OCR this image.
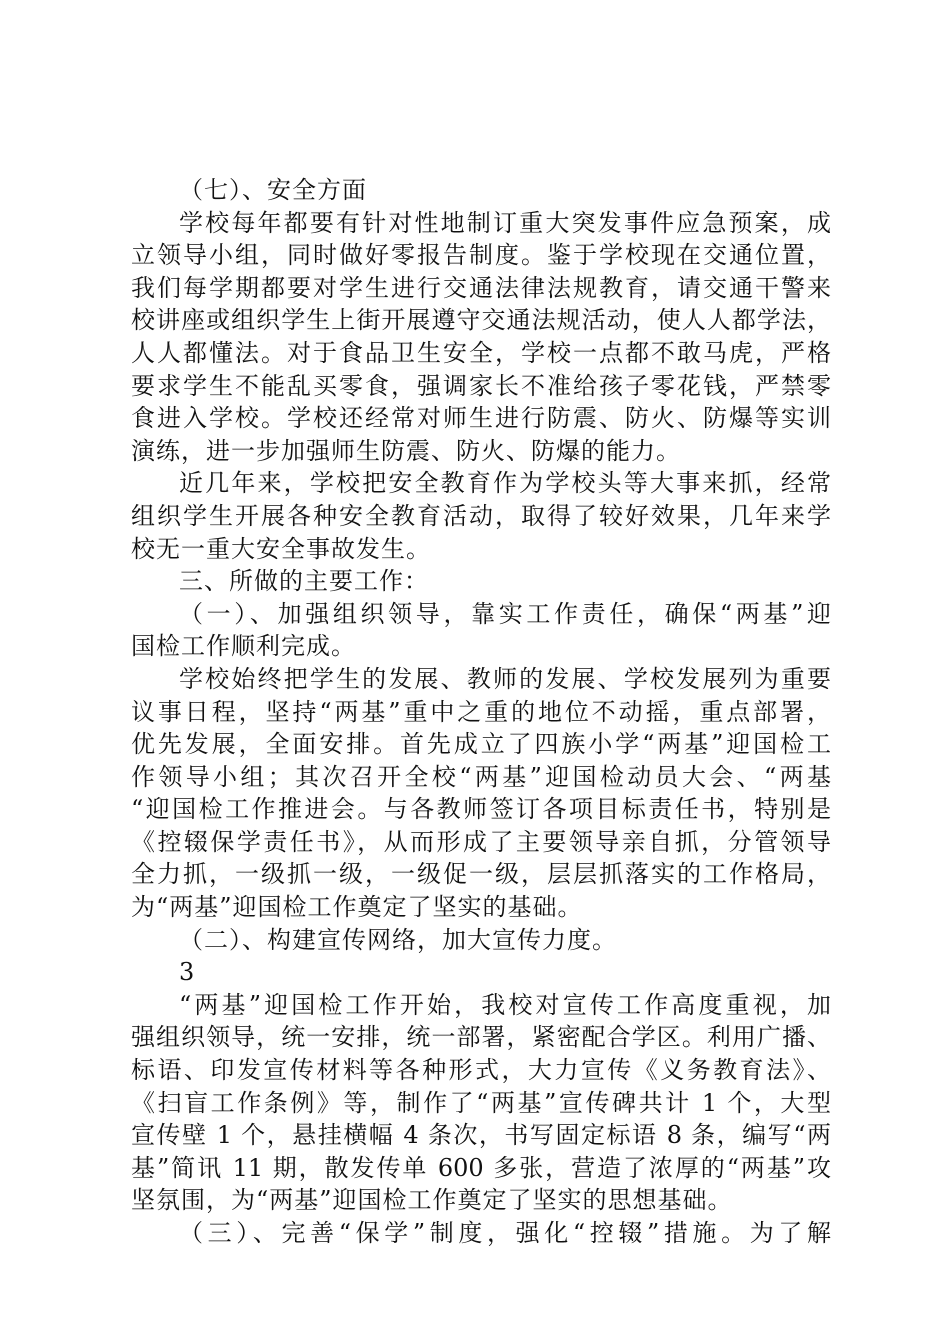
（七）、安全方面
学校每年都要有针对性地制订重大突发事件应急预案，成
立领导小组，同时做好零报告制度。鉴于学校现在交通位置，
我们每学期都要对学生进行交通法律法规教育，请交通干警来
校讲座或组织学生上街开展遵守交通法规活动，使人人都学法，
人人都懂法。对于食品卫生安全，学校一点都不敢马虎，严格
要求学生不能乱买零食，强调家长不准给孩子零花钱，严禁零
食进入学校。学校还经常对师生进行防震、防火、防爆等实训
演练，进一步加强师生防震、防火、防爆的能力。
近几年来，学校把安全教育作为学校头等大事来抓，经常
组织学生开展各种安全教育活动，取得了较好效果，几年来学
校无一重大安全事故发生。
三、所做的主要工作：
（一）、加强组织领导，靠实工作责任，确保“两基”迎
国检工作顺利完成。
学校始终把学生的发展、教师的发展、学校发展列为重要
议事日程，坚持“两基”重中之重的地位不动摇，重点部署，
优先发展，全面安排。首先成立了四族小学“两基”迎国检工
作领导小组；其次召开全校“两基”迎国检动员大会、“两基
“迎国检工作推进会。与各教师签订各项目标责任书，特别是
《控辍保学责任书》，从而形成了主要领导亲自抓，分管领导
全力抓，一级抓一级，一级促一级，层层抓落实的工作格局，
为“两基”迎国检工作奠定了坚实的基础。
（二）、构建宣传网络，加大宣传力度。
3
“两基”迎国检工作开始，我校对宣传工作高度重视，加
强组织领导，统一安排，统一部署，紧密配合学区。利用广播、
标语、印发宣传材料等各种形式，大力宣传《义务教育法》、
《扫盲工作条例》等，制作了“两基”宣传碑共计 1 个，大型
宣传壁 1 个，悬挂横幅 4 条次，书写固定标语 8 条，编写“两
基”简讯 11 期，散发传单 600 多张，营造了浓厚的“两基”攻
坚氛围，为“两基”迎国检工作奠定了坚实的思想基础。
（三）、完善“保学”制度，强化“控辍”措施。为了解
